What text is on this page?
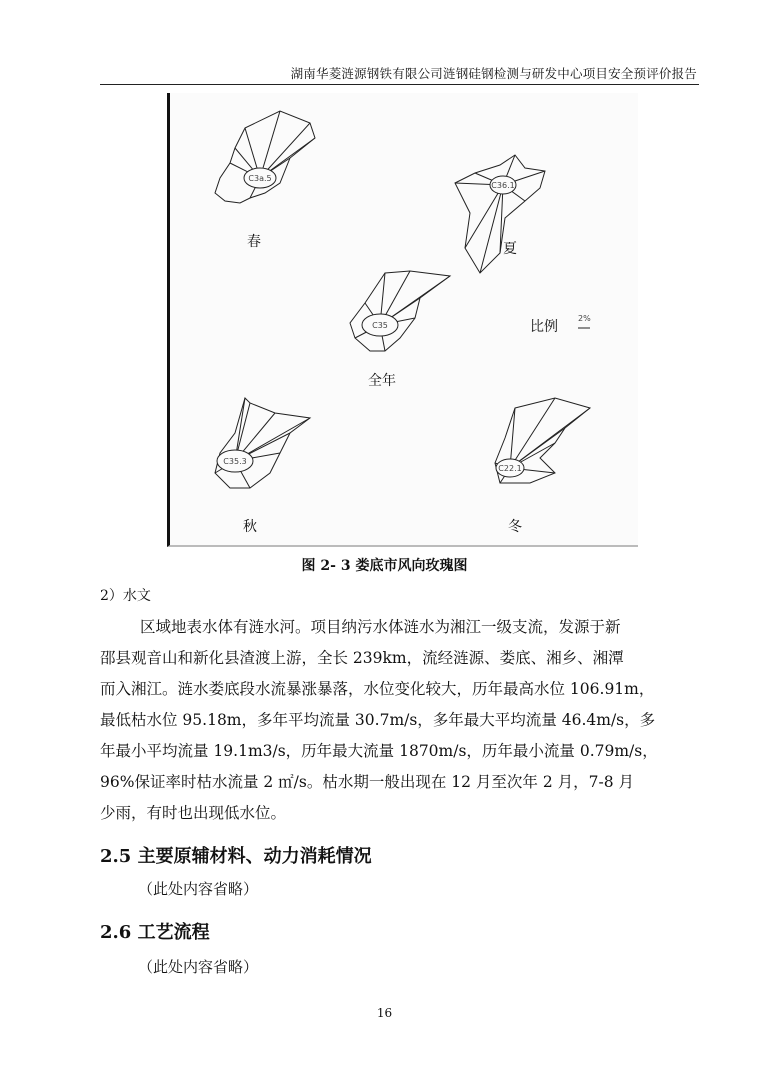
湖南华菱涟源钢铁有限公司涟钢硅钢检测与研发中心项目安全预评价报告
C3a.5
春
C36.1
夏
C35
全年
比例
2%
C35.3
秋
C22.1
冬
图 2- 3 娄底市风向玫瑰图
2）水文
区域地表水体有涟水河。项目纳污水体涟水为湘江一级支流，发源于新
邵县观音山和新化县渣渡上游，全长 239km，流经涟源、娄底、湘乡、湘潭
而入湘江。涟水娄底段水流暴涨暴落，水位变化较大，历年最高水位 106.91m，
最低枯水位 95.18m，多年平均流量 30.7m/s，多年最大平均流量 46.4m/s，多
年最小平均流量 19.1m3/s，历年最大流量 1870m/s，历年最小流量 0.79m/s，
96%保证率时枯水流量 2 ㎡/s。枯水期一般出现在 12 月至次年 2 月，7-8 月
少雨，有时也出现低水位。
2.5 主要原辅材料、动力消耗情况
（此处内容省略）
2.6 工艺流程
（此处内容省略）
16
